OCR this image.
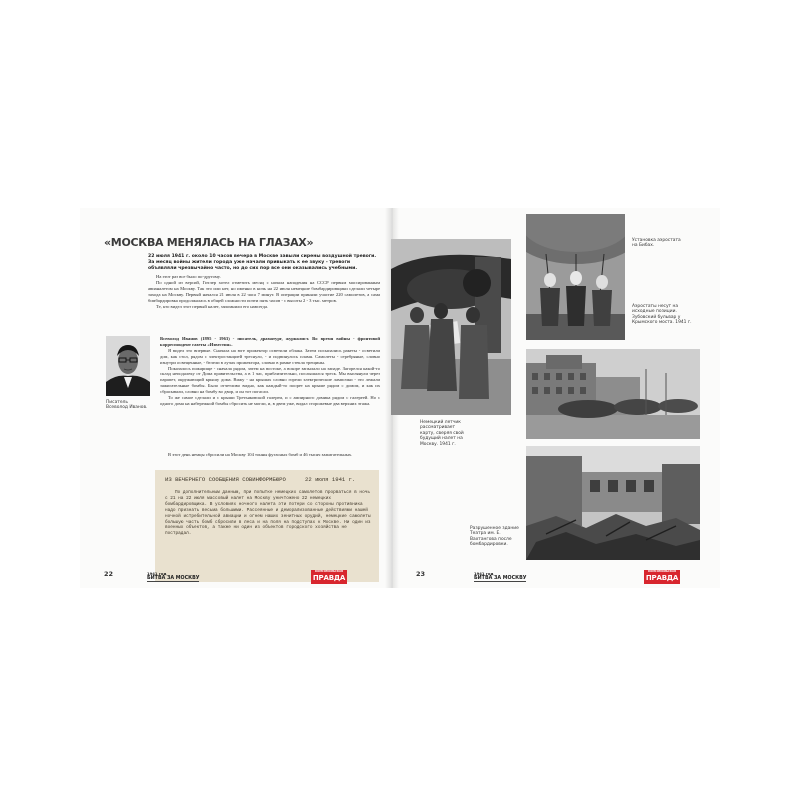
«МОСКВА МЕНЯЛАСЬ НА ГЛАЗАХ»
22 июля 1941 г. около 10 часов вечера в Москве завыли сирены воздушной тревоги. За месяц войны жители города уже начали привыкать к ее звуку - тревоги объявляли чрезвычайно часто, но до сих пор все они оказывались учебными.

На этот раз все было по-другому.

По одной из версий, Гитлер хотел отметить месяц с начала нападения на СССР первым массированным авианалетом на Москву. Так это или нет, но именно в ночь на 22 июля немецкие бомбардировщики сделали четыре захода на Москву. Первый начался 21 июля в 22 часа 7 минут. В операции приняли участие 220 самолетов, а сама бомбардировка продолжалась в общей сложности почти пять часов - с высоты 2 - 3 тыс. метров.

Те, кто видел этот первый налет, запомнили его навсегда.

Писатель Всеволод Иванов.

Всеволод Иванов (1895 - 1963) - писатель, драматург, журналист. Во время войны - фронтовой корреспондент газеты «Известия».

Я видел это впервые. Сначала на юге прожектор осветили облака. Затем посыпались ракеты - осветили дом, как стол, рядом с электростанцией треснуло, - и подвинулось пламя. Самолеты - серебряные, словно изнутри освещенные, - белели в лучах прожектора, словно в рамке стекла трещины.

Показалось пожарище - сначала рядом, затем на востоке, а вскоре запылало на западе. Загорелся какой-то склад неподалеку от Дома правительства, а в 1 час, приблизительно, послышался треск. Мы выглянули через парапет, окружающий крышу дома. Вижу - на крышах словно горели электрические лампочки - это лежали зажигательные бомбы. Было отчетливо видно, как каждый-то поорет на крыше рядом с домом, и как их сбрасывали, словно на бомбу во двор, и он тот погасли.

То же самое сделали и с крыши Третьяковской галереи, и с ампирного домика рядом с галереей. Но с одного дома на набережной бомбы сбросить не могли, и, в двем уже, видал сторожевые два верхних этажа.

В этот день немцы сбросили на Москву 104 тонны фугасных бомб и 46 тысяч зажигательных.

ИЗ ВЕЧЕРНЕГО СООБЩЕНИЯ СОВИНФОРМБЮРО	22 июля 1941 г.

По дополнительным данным, при попытке немецких самолетов прорваться в ночь с 21 на 22 июля массовый налет на Москву уничтожено 22 немецких бомбардировщика. В условиях ночного налета эти потери со стороны противника надо признать весьма большими. Рассеянные и деморализованные действиями нашей ночной истребительной авиации и огнем наших зенитных орудий, немецкие самолеты большую часть бомб сбросили в леса и на поля на подступах к Москве. Ни один из военных объектов, а также ни один из объектов городского хозяйства не пострадал.

22	1941 год
БИТВА ЗА МОСКВУ
КОМСОМОЛЬСКАЯ
ПРАВДА
Немецкий летчик рассматривает карту, сверяя свой будущий налет на Москву. 1941 г.
Установка аэростата на Бибах.
Аэростаты несут на исходные позиции. Зубовский бульвар у Крымского моста. 1941 г.
Разрушенное здание Театра им. Е. Вахтангова после бомбардировки.
23	1941 год
БИТВА ЗА МОСКВУ
КОМСОМОЛЬСКАЯ
ПРАВДА
